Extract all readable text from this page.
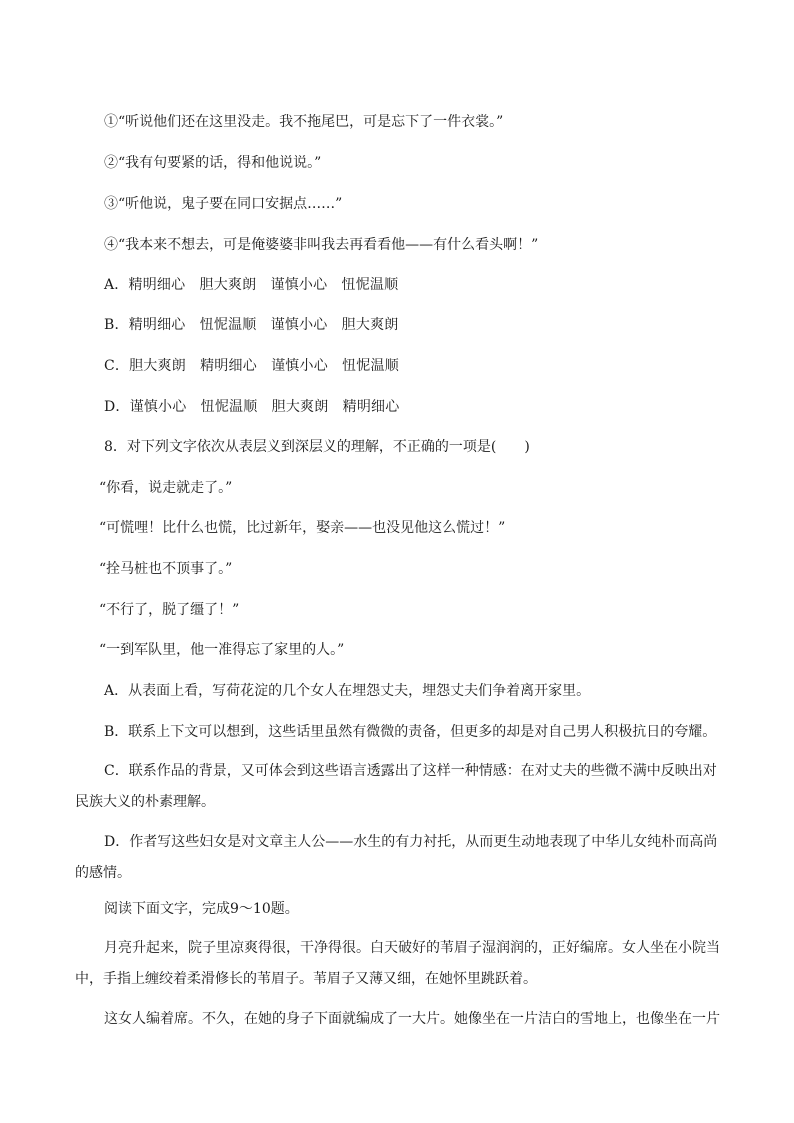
①“听说他们还在这里没走。我不拖尾巴，可是忘下了一件衣裳。”
②“我有句要紧的话，得和他说说。”
③“听他说，鬼子要在同口安据点……”
④“我本来不想去，可是俺婆婆非叫我去再看看他——有什么看头啊！”
A．精明细心　胆大爽朗　谨慎小心　忸怩温顺
B．精明细心　忸怩温顺　谨慎小心　胆大爽朗
C．胆大爽朗　精明细心　谨慎小心　忸怩温顺
D．谨慎小心　忸怩温顺　胆大爽朗　精明细心
8．对下列文字依次从表层义到深层义的理解，不正确的一项是(　　)
“你看，说走就走了。”
“可慌哩！比什么也慌，比过新年，娶亲——也没见他这么慌过！”
“拴马桩也不顶事了。”
“不行了，脱了缰了！”
“一到军队里，他一准得忘了家里的人。”
A．从表面上看，写荷花淀的几个女人在埋怨丈夫，埋怨丈夫们争着离开家里。
B．联系上下文可以想到，这些话里虽然有微微的责备，但更多的却是对自己男人积极抗日的夸耀。
C．联系作品的背景，又可体会到这些语言透露出了这样一种情感：在对丈夫的些微不满中反映出对民族大义的朴素理解。
D．作者写这些妇女是对文章主人公——水生的有力衬托，从而更生动地表现了中华儿女纯朴而高尚的感情。
阅读下面文字，完成9～10题。
月亮升起来，院子里凉爽得很，干净得很。白天破好的苇眉子湿润润的，正好编席。女人坐在小院当中，手指上缠绞着柔滑修长的苇眉子。苇眉子又薄又细，在她怀里跳跃着。
这女人编着席。不久，在她的身子下面就编成了一大片。她像坐在一片洁白的雪地上，也像坐在一片
